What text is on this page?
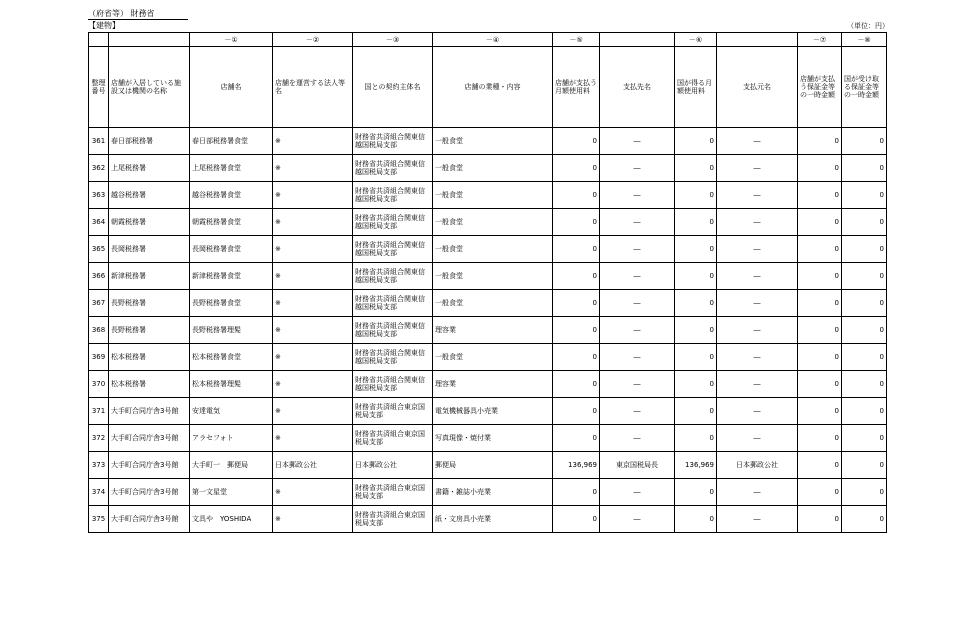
（府省等） 財務省
【建物】	（単位：円）
		－①	－②	－③	－④	－⑤		－⑥		－⑦	－⑧
整理番号	店舗が入居している施設又は機関の名称	店舗名	店舗を運営する法人等名	国との契約主体名	店舗の業種・内容	店舗が支払う月額使用料	支払先名	国が得る月額使用料	支払元名	店舗が支払う保証金等の一時金額	国が受け取る保証金等の一時金額
361	春日部税務署	春日部税務署食堂	※	財務省共済組合関東信越国税局支部	一般食堂	0	―	0	―	0	0
362	上尾税務署	上尾税務署食堂	※	財務省共済組合関東信越国税局支部	一般食堂	0	―	0	―	0	0
363	越谷税務署	越谷税務署食堂	※	財務省共済組合関東信越国税局支部	一般食堂	0	―	0	―	0	0
364	朝霞税務署	朝霞税務署食堂	※	財務省共済組合関東信越国税局支部	一般食堂	0	―	0	―	0	0
365	長岡税務署	長岡税務署食堂	※	財務省共済組合関東信越国税局支部	一般食堂	0	―	0	―	0	0
366	新津税務署	新津税務署食堂	※	財務省共済組合関東信越国税局支部	一般食堂	0	―	0	―	0	0
367	長野税務署	長野税務署食堂	※	財務省共済組合関東信越国税局支部	一般食堂	0	―	0	―	0	0
368	長野税務署	長野税務署理髪	※	財務省共済組合関東信越国税局支部	理容業	0	―	0	―	0	0
369	松本税務署	松本税務署食堂	※	財務省共済組合関東信越国税局支部	一般食堂	0	―	0	―	0	0
370	松本税務署	松本税務署理髪	※	財務省共済組合関東信越国税局支部	理容業	0	―	0	―	0	0
371	大手町合同庁舎3号館	安達電気	※	財務省共済組合東京国税局支部	電気機械器具小売業	0	―	0	―	0	0
372	大手町合同庁舎3号館	アラセフォト	※	財務省共済組合東京国税局支部	写真現像・焼付業	0	―	0	―	0	0
373	大手町合同庁舎3号館	大手町一　郵便局	日本郵政公社	日本郵政公社	郵便局	136,969	東京国税局長	136,969	日本郵政公社	0	0
374	大手町合同庁舎3号館	第一文星堂	※	財務省共済組合東京国税局支部	書籍・雑誌小売業	0	―	0	―	0	0
375	大手町合同庁舎3号館	文具や　YOSHIDA	※	財務省共済組合東京国税局支部	紙・文房具小売業	0	―	0	―	0	0
